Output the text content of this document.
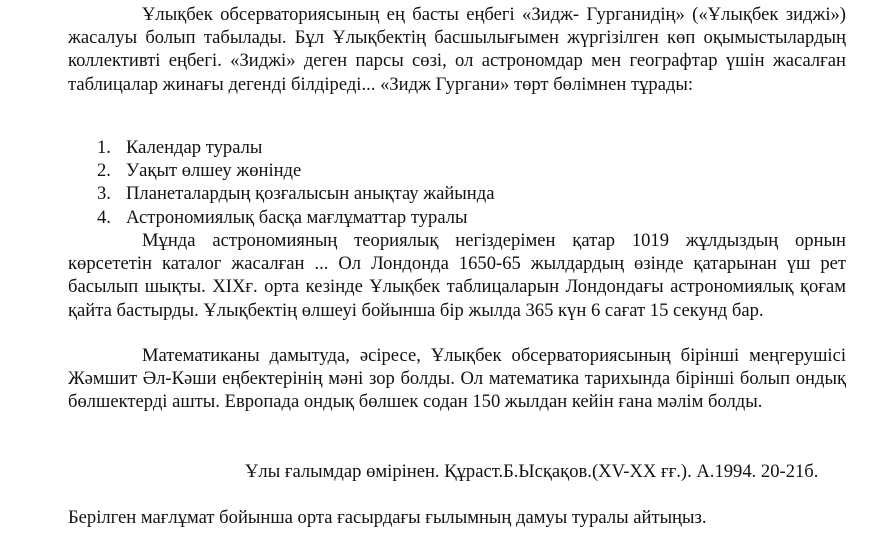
Ұлықбек обсерваториясының ең басты еңбегі «Зидж- Гурганидің» («Ұлықбек зиджі») жасалуы болып табылады. Бұл Ұлықбектің басшылығымен жүргізілген көп оқымыстылардың коллективті еңбегі. «Зиджі» деген парсы сөзі, ол астрономдар мен географтар үшін жасалған таблицалар жинағы дегенді білдіреді... «Зидж Гургани» төрт бөлімнен тұрады:

1. Календар туралы
2. Уақыт өлшеу жөнінде
3. Планеталардың қозғалысын анықтау жайында
4. Астрономиялық басқа мағлұматтар туралы

Мұнда астрономияның теориялық негіздерімен қатар 1019 жұлдыздың орнын көрсететін каталог жасалған ... Ол Лондонда 1650-65 жылдардың өзінде қатарынан үш рет басылып шықты. XIXғ. орта кезінде Ұлықбек таблицаларын Лондондағы астрономиялық қоғам қайта бастырды. Ұлықбектің өлшеуі бойынша бір жылда 365 күн 6 сағат 15 секунд бар.

Математиканы дамытуда, әсіресе, Ұлықбек обсерваториясының бірінші меңгерушісі Жәмшит Әл-Кәши еңбектерінің мәні зор болды. Ол математика тарихында бірінші болып ондық бөлшектерді ашты. Европада ондық бөлшек содан 150 жылдан кейін ғана мәлім болды.

Ұлы ғалымдар өмірінен. Құраст.Б.Ысқақов.(XV-XX ғғ.). А.1994. 20-21б.

Берілген мағлұмат бойынша орта ғасырдағы ғылымның дамуы туралы айтыңыз.
